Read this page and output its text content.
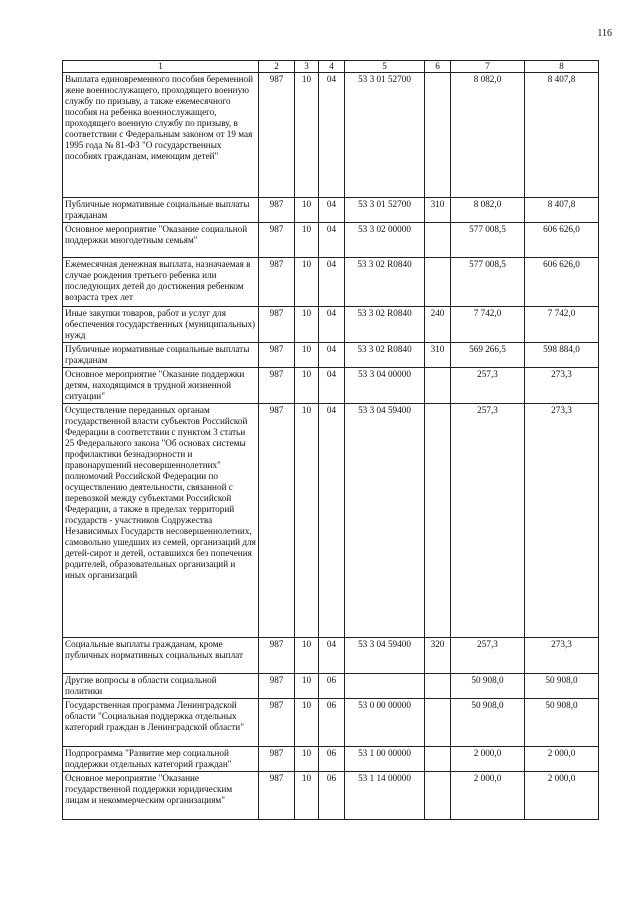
116
1	2	3	4	5	6	7	8
Выплата единовременного пособия беременной жене военнослужащего, проходящего военную службу по призыву, а также ежемесячного пособия на ребенка военнослужащего, проходящего военную службу по призыву, в соответствии с Федеральным законом от 19 мая 1995 года № 81-ФЗ "О государственных пособиях гражданам, имеющим детей"	987	10	04	53 3 01 52700		8 082,0	8 407,8
Публичные нормативные социальные выплаты гражданам	987	10	04	53 3 01 52700	310	8 082,0	8 407,8
Основное мероприятие "Оказание социальной поддержки многодетным семьям"	987	10	04	53 3 02 00000		577 008,5	606 626,0
Ежемесячная денежная выплата, назначаемая в случае рождения третьего ребенка или последующих детей до достижения ребенком возраста трех лет	987	10	04	53 3 02 R0840		577 008,5	606 626,0
Иные закупки товаров, работ и услуг для обеспечения государственных (муниципальных) нужд	987	10	04	53 3 02 R0840	240	7 742,0	7 742,0
Публичные нормативные социальные выплаты гражданам	987	10	04	53 3 02 R0840	310	569 266,5	598 884,0
Основное мероприятие "Оказание поддержки детям, находящимся в трудной жизненной ситуации"	987	10	04	53 3 04 00000		257,3	273,3
Осуществление переданных органам государственной власти субъектов Российской Федерации в соответствии с пунктом 3 статьи 25 Федерального закона "Об основах системы профилактики безнадзорности и правонарушений несовершеннолетних" полномочий Российской Федерации по осуществлению деятельности, связанной с перевозкой между субъектами Российской Федерации, а также в пределах территорий государств - участников Содружества Независимых Государств несовершеннолетних, самовольно ушедших из семей, организаций для детей-сирот и детей, оставшихся без попечения родителей, образовательных организаций и иных организаций	987	10	04	53 3 04 59400		257,3	273,3
Социальные выплаты гражданам, кроме публичных нормативных социальных выплат	987	10	04	53 3 04 59400	320	257,3	273,3
Другие вопросы в области социальной политики	987	10	06			50 908,0	50 908,0
Государственная программа Ленинградской области "Социальная поддержка отдельных категорий граждан в Ленинградской области"	987	10	06	53 0 00 00000		50 908,0	50 908,0
Подпрограмма "Развитие мер социальной поддержки отдельных категорий граждан"	987	10	06	53 1 00 00000		2 000,0	2 000,0
Основное мероприятие "Оказание государственной поддержки юридическим лицам и некоммерческим организациям"	987	10	06	53 1 14 00000		2 000,0	2 000,0
